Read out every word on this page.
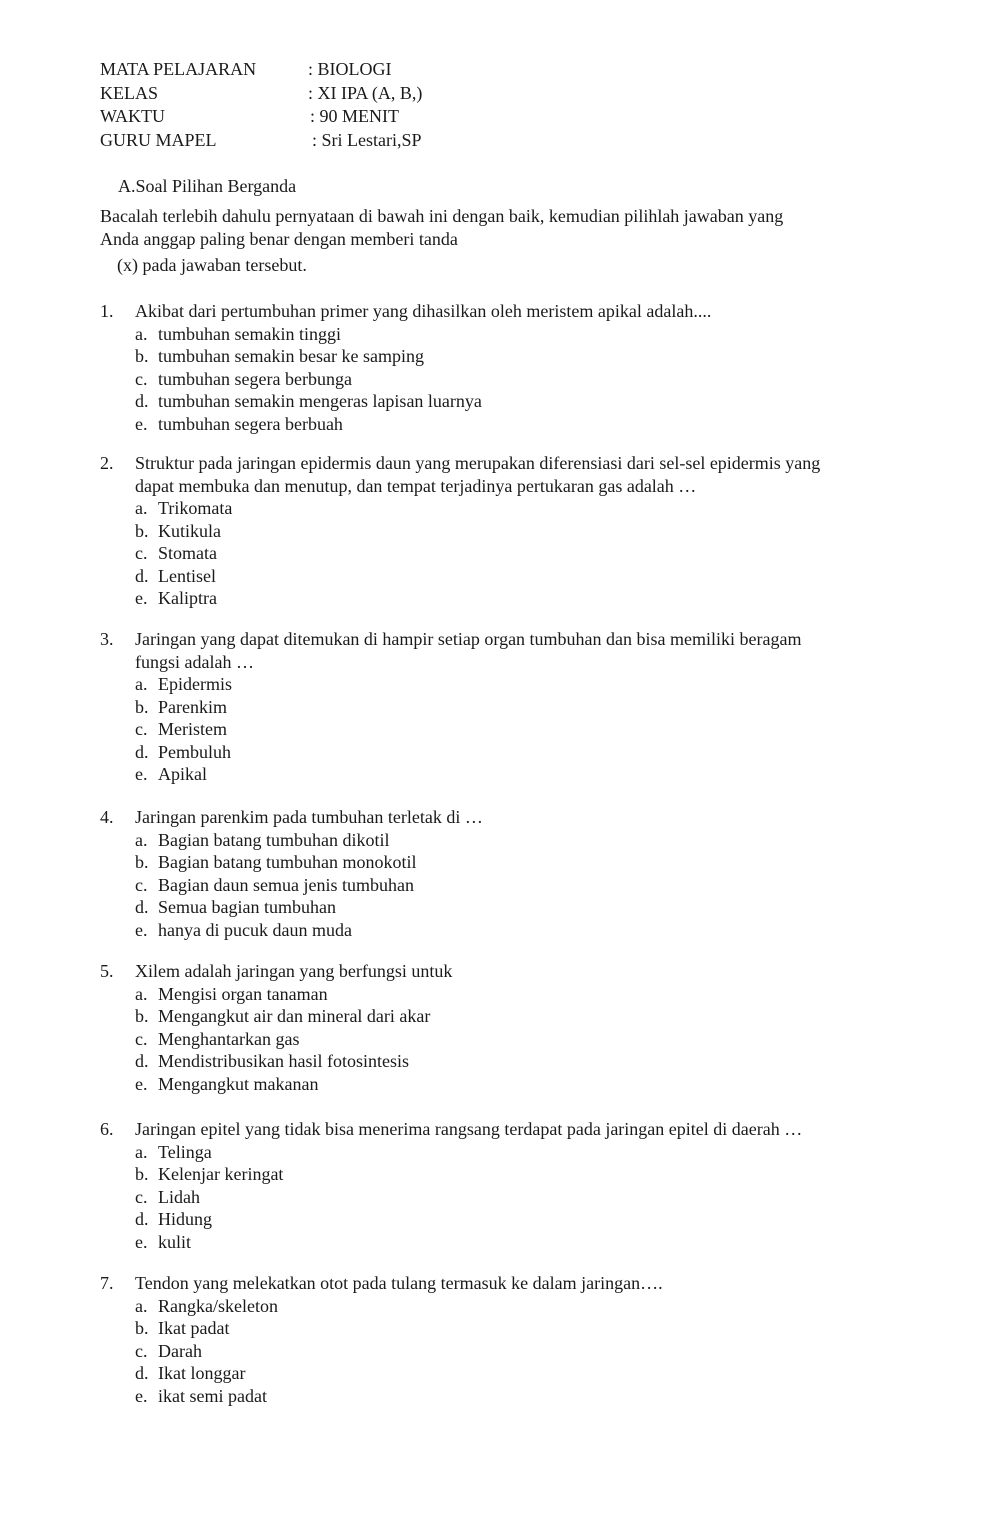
MATA PELAJARAN	: BIOLOGI
KELAS	: XI IPA (A, B,)
WAKTU	: 90 MENIT
GURU MAPEL	: Sri Lestari,SP
A.Soal Pilihan Berganda
Bacalah terlebih dahulu pernyataan di bawah ini dengan baik, kemudian pilihlah jawaban yang
Anda anggap paling benar dengan memberi tanda
(x) pada jawaban tersebut.
1. Akibat dari pertumbuhan primer yang dihasilkan oleh meristem apikal adalah....
a. tumbuhan semakin tinggi
b. tumbuhan semakin besar ke samping
c. tumbuhan segera berbunga
d. tumbuhan semakin mengeras lapisan luarnya
e. tumbuhan segera berbuah
2. Struktur pada jaringan epidermis daun yang merupakan diferensiasi dari sel-sel epidermis yang
dapat membuka dan menutup, dan tempat terjadinya pertukaran gas adalah …
a. Trikomata
b. Kutikula
c. Stomata
d. Lentisel
e. Kaliptra
3. Jaringan yang dapat ditemukan di hampir setiap organ tumbuhan dan bisa memiliki beragam
fungsi adalah …
a. Epidermis
b. Parenkim
c. Meristem
d. Pembuluh
e. Apikal
4. Jaringan parenkim pada tumbuhan terletak di …
a. Bagian batang tumbuhan dikotil
b. Bagian batang tumbuhan monokotil
c. Bagian daun semua jenis tumbuhan
d. Semua bagian tumbuhan
e. hanya di pucuk daun muda
5. Xilem adalah jaringan yang berfungsi untuk
a. Mengisi organ tanaman
b. Mengangkut air dan mineral dari akar
c. Menghantarkan gas
d. Mendistribusikan hasil fotosintesis
e. Mengangkut makanan
6. Jaringan epitel yang tidak bisa menerima rangsang terdapat pada jaringan epitel di daerah …
a. Telinga
b. Kelenjar keringat
c. Lidah
d. Hidung
e. kulit
7. Tendon yang melekatkan otot pada tulang termasuk ke dalam jaringan….
a. Rangka/skeleton
b. Ikat padat
c. Darah
d. Ikat longgar
e. ikat semi padat
